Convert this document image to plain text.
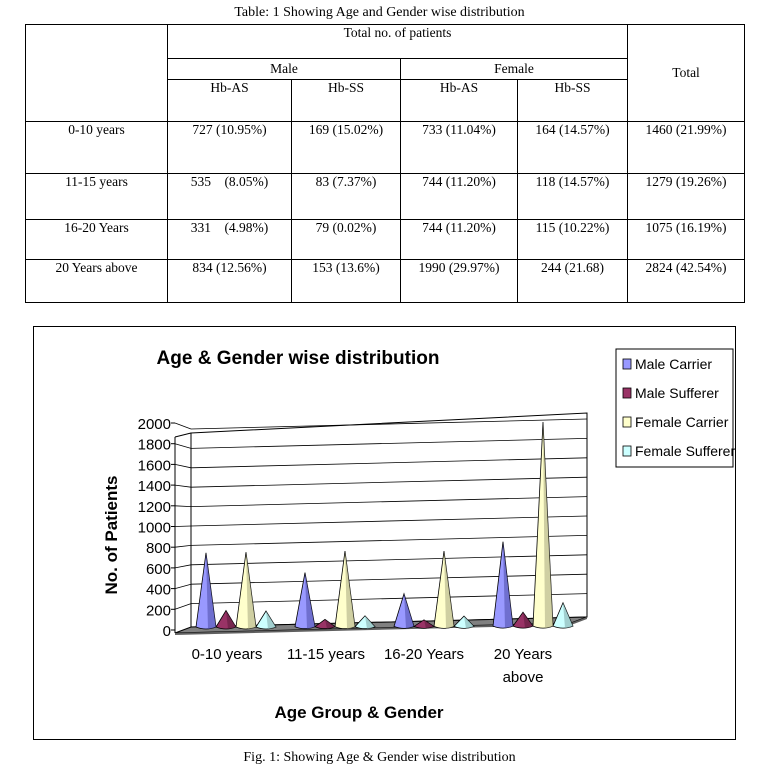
Table: 1 Showing Age and Gender wise distribution
	Total no. of patients				Total
	Male		Female		
	Hb-AS	Hb-SS	Hb-AS	Hb-SS	
0-10 years	727 (10.95%)	169 (15.02%)	733 (11.04%)	164 (14.57%)	1460 (21.99%)
11-15 years	535    (8.05%)	83 (7.37%)	744 (11.20%)	118 (14.57%)	1279 (19.26%)
16-20 Years	331    (4.98%)	79 (0.02%)	744 (11.20%)	115 (10.22%)	1075 (16.19%)
20 Years above	834 (12.56%)	153 (13.6%)	1990 (29.97%)	244 (21.68)	2824 (42.54%)
Age & Gender wise distribution
0
200
400
600
800
1000
1200
1400
1600
1800
2000
0-10 years 11-15 years 16-20 Years 20 Years above
No. of Patients
Age Group & Gender
Male Carrier
Male Sufferer
Female Carrier
Female Sufferer
Fig. 1: Showing Age & Gender wise distribution
